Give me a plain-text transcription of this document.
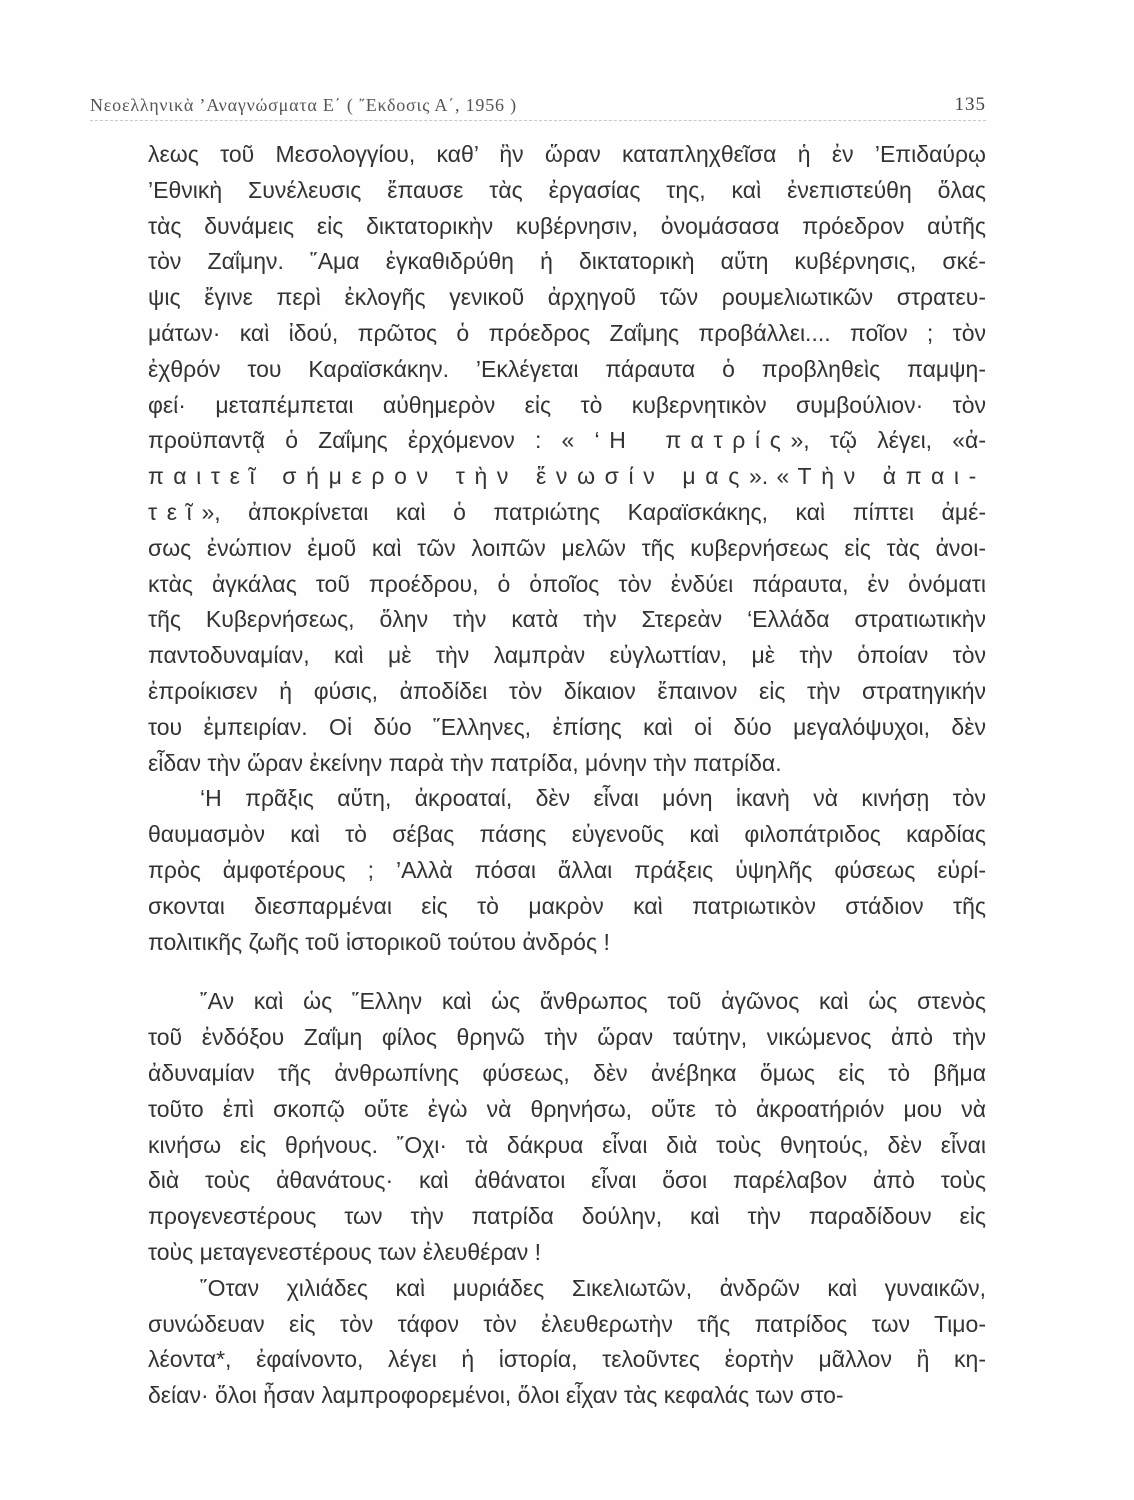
Νεοελληνικὰ ’Αναγνώσματα Ε΄ ( ῎Εκδοσις Α΄, 1956 )	135
λεως τοῦ Μεσολογγίου, καθ’ ἣν ὥραν καταπληχθεῖσα ἡ ἐν ’Επιδαύρῳ
’Εθνικὴ Συνέλευσις ἔπαυσε τὰς ἐργασίας της, καὶ ἐνεπιστεύθη ὅλας
τὰς δυνάμεις εἰς δικτατορικὴν κυβέρνησιν, ὀνομάσασα πρόεδρον αὐτῆς
τὸν Ζαΐμην. ῞Αμα ἐγκαθιδρύθη ἡ δικτατορικὴ αὕτη κυβέρνησις, σκέ-
ψις ἔγινε περὶ ἐκλογῆς γενικοῦ ἀρχηγοῦ τῶν ρουμελιωτικῶν στρατευ-
μάτων· καὶ ἰδού, πρῶτος ὁ πρόεδρος Ζαΐμης προβάλλει.... ποῖον ; τὸν
ἐχθρόν του Καραϊσκάκην. ’Εκλέγεται πάραυτα ὁ προβληθεὶς παμψη-
φεί· μεταπέμπεται αὐθημερὸν εἰς τὸ κυβερνητικὸν συμβούλιον· τὸν
προϋπαντᾷ ὁ Ζαΐμης ἐρχόμενον : « ‘Η πατρίς», τῷ λέγει, «ἀ-
παιτεῖ σήμερον τὴν ἕνωσίν μας». « Τὴν ἀπαι-
τεῖ», ἀποκρίνεται καὶ ὁ πατριώτης Καραϊσκάκης, καὶ πίπτει ἀμέ-
σως ἐνώπιον ἐμοῦ καὶ τῶν λοιπῶν μελῶν τῆς κυβερνήσεως εἰς τὰς ἀνοι-
κτὰς ἀγκάλας τοῦ προέδρου, ὁ ὁποῖος τὸν ἐνδύει πάραυτα, ἐν ὀνόματι
τῆς Κυβερνήσεως, ὅλην τὴν κατὰ τὴν Στερεὰν ‘Ελλάδα στρατιωτικὴν
παντοδυναμίαν, καὶ μὲ τὴν λαμπρὰν εὐγλωττίαν, μὲ τὴν ὁποίαν τὸν
ἐπροίκισεν ἡ φύσις, ἀποδίδει τὸν δίκαιον ἔπαινον εἰς τὴν στρατηγικήν
του ἐμπειρίαν. Οἱ δύο ῞Ελληνες, ἐπίσης καὶ οἱ δύο μεγαλόψυχοι, δὲν
εἶδαν τὴν ὥραν ἐκείνην παρὰ τὴν πατρίδα, μόνην τὴν πατρίδα.
‘Η πρᾶξις αὕτη, ἀκροαταί, δὲν εἶναι μόνη ἱκανὴ νὰ κινήσῃ τὸν
θαυμασμὸν καὶ τὸ σέβας πάσης εὐγενοῦς καὶ φιλοπάτριδος καρδίας
πρὸς ἀμφοτέρους ; ’Αλλὰ πόσαι ἄλλαι πράξεις ὑψηλῆς φύσεως εὑρί-
σκονται διεσπαρμέναι εἰς τὸ μακρὸν καὶ πατριωτικὸν στάδιον τῆς
πολιτικῆς ζωῆς τοῦ ἱστορικοῦ τούτου ἀνδρός !
῎Αν καὶ ὡς ῞Ελλην καὶ ὡς ἄνθρωπος τοῦ ἀγῶνος καὶ ὡς στενὸς
τοῦ ἐνδόξου Ζαΐμη φίλος θρηνῶ τὴν ὥραν ταύτην, νικώμενος ἀπὸ τὴν
ἀδυναμίαν τῆς ἀνθρωπίνης φύσεως, δὲν ἀνέβηκα ὅμως εἰς τὸ βῆμα
τοῦτο ἐπὶ σκοπῷ οὔτε ἐγὼ νὰ θρηνήσω, οὔτε τὸ ἀκροατήριόν μου νὰ
κινήσω εἰς θρήνους. ῎Οχι· τὰ δάκρυα εἶναι διὰ τοὺς θνητούς, δὲν εἶναι
διὰ τοὺς ἀθανάτους· καὶ ἀθάνατοι εἶναι ὅσοι παρέλαβον ἀπὸ τοὺς
προγενεστέρους των τὴν πατρίδα δούλην, καὶ τὴν παραδίδουν εἰς
τοὺς μεταγενεστέρους των ἐλευθέραν !
῞Οταν χιλιάδες καὶ μυριάδες Σικελιωτῶν, ἀνδρῶν καὶ γυναικῶν,
συνώδευαν εἰς τὸν τάφον τὸν ἐλευθερωτὴν τῆς πατρίδος των Τιμο-
λέοντα*, ἐφαίνοντο, λέγει ἡ ἱστορία, τελοῦντες ἑορτὴν μᾶλλον ἢ κη-
δείαν· ὅλοι ἦσαν λαμπροφορεμένοι, ὅλοι εἶχαν τὰς κεφαλάς των στο-
